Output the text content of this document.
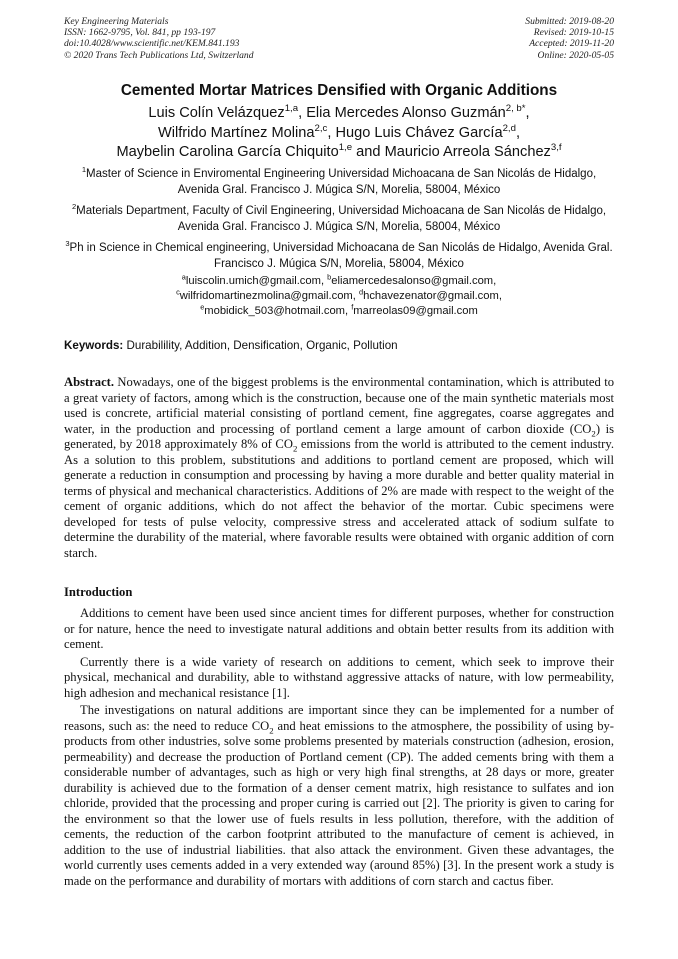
Key Engineering Materials
ISSN: 1662-9795, Vol. 841, pp 193-197
doi:10.4028/www.scientific.net/KEM.841.193
© 2020 Trans Tech Publications Ltd, Switzerland
Submitted: 2019-08-20
Revised: 2019-10-15
Accepted: 2019-11-20
Online: 2020-05-05
Cemented Mortar Matrices Densified with Organic Additions
Luis Colín Velázquez$^{1,a}$, Elia Mercedes Alonso Guzmán$^{2, b*}$,
Wilfrido Martínez Molina$^{2,c}$, Hugo Luis Chávez García$^{2,d}$,
Maybelin Carolina García Chiquito$^{1,e}$ and Mauricio Arreola Sánchez$^{3,f}$
$^1$Master of Science in Enviromental Engineering Universidad Michoacana de San Nicolás de Hidalgo, Avenida Gral. Francisco J. Múgica S/N, Morelia, 58004, México
$^2$Materials Department, Faculty of Civil Engineering, Universidad Michoacana de San Nicolás de Hidalgo, Avenida Gral. Francisco J. Múgica S/N, Morelia, 58004, México
$^3$Ph in Science in Chemical engineering, Universidad Michoacana de San Nicolás de Hidalgo, Avenida Gral. Francisco J. Múgica S/N, Morelia, 58004, México
$^a$luiscolin.umich@gmail.com, $^b$eliamercedesalonso@gmail.com,
$^c$wilfridomartinezmolina@gmail.com, $^d$hchavezenator@gmail.com,
$^e$mobidick_503@hotmail.com, $^f$marreolas09@gmail.com
Keywords: Durabilility, Addition, Densification, Organic, Pollution

Abstract. Nowadays, one of the biggest problems is the environmental contamination, which is attributed to a great variety of factors, among which is the construction, because one of the main synthetic materials most used is concrete, artificial material consisting of portland cement, fine aggregates, coarse aggregates and water, in the production and processing of portland cement a large amount of carbon dioxide $(CO_2)$ is generated, by 2018 approximately 8% of $CO_2$ emissions from the world is attributed to the cement industry. As a solution to this problem, substitutions and additions to portland cement are proposed, which will generate a reduction in consumption and processing by having a more durable and better quality material in terms of physical and mechanical characteristics. Additions of 2% are made with respect to the weight of the cement of organic additions, which do not affect the behavior of the mortar. Cubic specimens were developed for tests of pulse velocity, compressive stress and accelerated attack of sodium sulfate to determine the durability of the material, where favorable results were obtained with organic addition of corn starch.

Introduction

Additions to cement have been used since ancient times for different purposes, whether for construction or for nature, hence the need to investigate natural additions and obtain better results from its addition with cement.

Currently there is a wide variety of research on additions to cement, which seek to improve their physical, mechanical and durability, able to withstand aggressive attacks of nature, with low permeability, high adhesion and mechanical resistance [1].

The investigations on natural additions are important since they can be implemented for a number of reasons, such as: the need to reduce $CO_2$ and heat emissions to the atmosphere, the possibility of using by-products from other industries, solve some problems presented by materials construction (adhesion, erosion, permeability) and decrease the production of Portland cement (CP). The added cements bring with them a considerable number of advantages, such as high or very high final strengths, at 28 days or more, greater durability is achieved due to the formation of a denser cement matrix, high resistance to sulfates and ion chloride, provided that the processing and proper curing is carried out [2]. The priority is given to caring for the environment so that the lower use of fuels results in less pollution, therefore, with the addition of cements, the reduction of the carbon footprint attributed to the manufacture of cement is achieved, in addition to the use of industrial liabilities. that also attack the environment. Given these advantages, the world currently uses cements added in a very extended way (around 85%) [3]. In the present work a study is made on the performance and durability of mortars with additions of corn starch and cactus fiber.
